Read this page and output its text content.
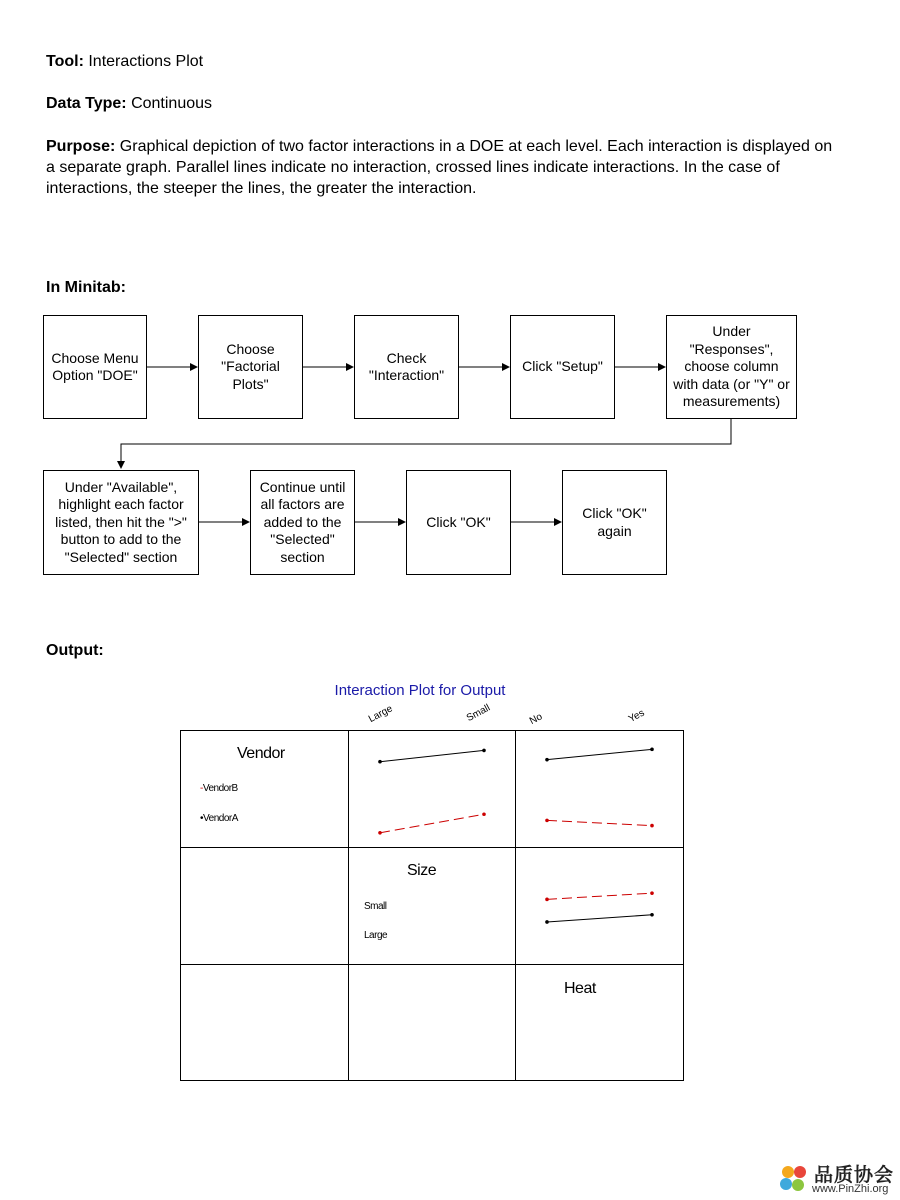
Tool: Interactions Plot
Data Type: Continuous
Purpose: Graphical depiction of two factor interactions in a DOE at each level. Each interaction is displayed on a separate graph. Parallel lines indicate no interaction, crossed lines indicate interactions. In the case of interactions, the steeper the lines, the greater the interaction.
In Minitab:
Choose Menu Option "DOE"
Choose "Factorial Plots"
Check "Interaction"
Click "Setup"
Under "Responses", choose column with data (or "Y" or measurements)
Under "Available", highlight each factor listed, then hit the ">" button to add to the "Selected" section
Continue until all factors are added to the "Selected" section
Click "OK"
Click "OK" again
Output:
Interaction Plot for Output
Large	Small	No	Yes
Vendor
-VendorB
•VendorA
Size
Small
Large
Heat
品质协会
www.PinZhi.org
